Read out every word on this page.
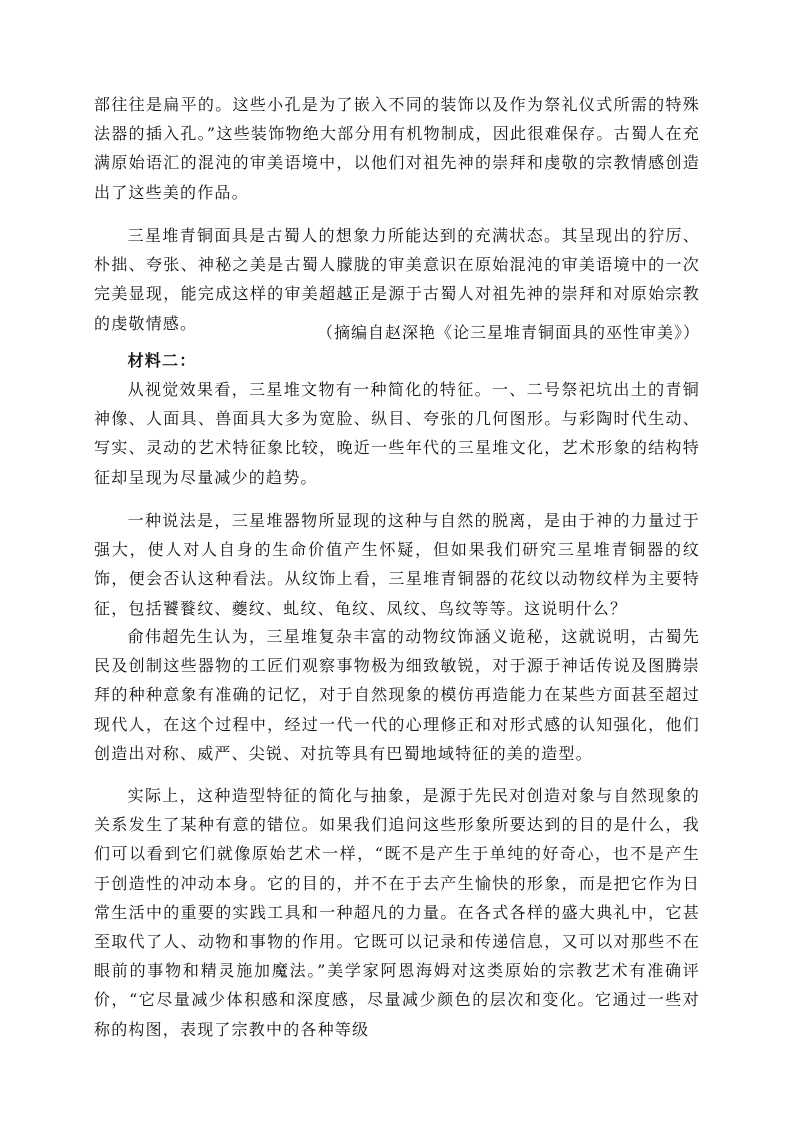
部往往是扁平的。这些小孔是为了嵌入不同的装饰以及作为祭礼仪式所需的特殊法器的插入孔。”这些装饰物绝大部分用有机物制成，因此很难保存。古蜀人在充满原始语汇的混沌的审美语境中，以他们对祖先神的崇拜和虔敬的宗教情感创造出了这些美的作品。

三星堆青铜面具是古蜀人的想象力所能达到的充满状态。其呈现出的狞厉、朴拙、夸张、神秘之美是古蜀人朦胧的审美意识在原始混沌的审美语境中的一次完美显现，能完成这样的审美超越正是源于古蜀人对祖先神的崇拜和对原始宗教的虔敬情感。	（摘编自赵深艳《论三星堆青铜面具的巫性审美》）

材料二：

从视觉效果看，三星堆文物有一种简化的特征。一、二号祭祀坑出土的青铜神像、人面具、兽面具大多为宽脸、纵目、夸张的几何图形。与彩陶时代生动、写实、灵动的艺术特征象比较，晚近一些年代的三星堆文化，艺术形象的结构特征却呈现为尽量减少的趋势。

一种说法是，三星堆器物所显现的这种与自然的脱离，是由于神的力量过于强大，使人对人自身的生命价值产生怀疑，但如果我们研究三星堆青铜器的纹饰，便会否认这种看法。从纹饰上看，三星堆青铜器的花纹以动物纹样为主要特征，包括饕餮纹、夔纹、虬纹、龟纹、凤纹、鸟纹等等。这说明什么？

俞伟超先生认为，三星堆复杂丰富的动物纹饰涵义诡秘，这就说明，古蜀先民及创制这些器物的工匠们观察事物极为细致敏锐，对于源于神话传说及图腾崇拜的种种意象有准确的记忆，对于自然现象的模仿再造能力在某些方面甚至超过现代人，在这个过程中，经过一代一代的心理修正和对形式感的认知强化，他们创造出对称、威严、尖锐、对抗等具有巴蜀地域特征的美的造型。

实际上，这种造型特征的简化与抽象，是源于先民对创造对象与自然现象的关系发生了某种有意的错位。如果我们追问这些形象所要达到的目的是什么，我们可以看到它们就像原始艺术一样，“既不是产生于单纯的好奇心，也不是产生于创造性的冲动本身。它的目的，并不在于去产生愉快的形象，而是把它作为日常生活中的重要的实践工具和一种超凡的力量。在各式各样的盛大典礼中，它甚至取代了人、动物和事物的作用。它既可以记录和传递信息，又可以对那些不在眼前的事物和精灵施加魔法。”美学家阿恩海姆对这类原始的宗教艺术有准确评价，“它尽量减少体积感和深度感，尽量减少颜色的层次和变化。它通过一些对称的构图，表现了宗教中的各种等级
